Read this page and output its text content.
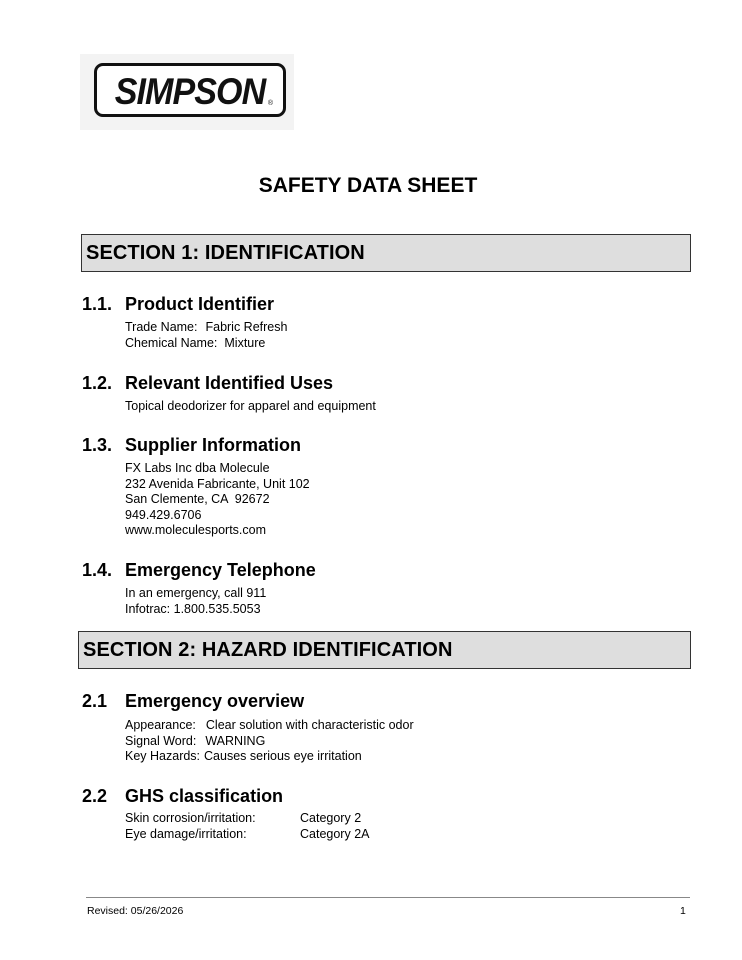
SIMPSON ®
SAFETY DATA SHEET
SECTION 1: IDENTIFICATION
1.1. Product Identifier
Trade Name: Fabric Refresh
Chemical Name: Mixture
1.2. Relevant Identified Uses
Topical deodorizer for apparel and equipment
1.3. Supplier Information
FX Labs Inc dba Molecule
232 Avenida Fabricante, Unit 102
San Clemente, CA  92672
949.429.6706
www.moleculesports.com
1.4. Emergency Telephone
In an emergency, call 911
Infotrac: 1.800.535.5053
SECTION 2: HAZARD IDENTIFICATION
2.1 Emergency overview
Appearance: Clear solution with characteristic odor
Signal Word: WARNING
Key Hazards: Causes serious eye irritation
2.2 GHS classification
Skin corrosion/irritation:	Category 2
Eye damage/irritation:	Category 2A
Revised: 05/26/2026	1
